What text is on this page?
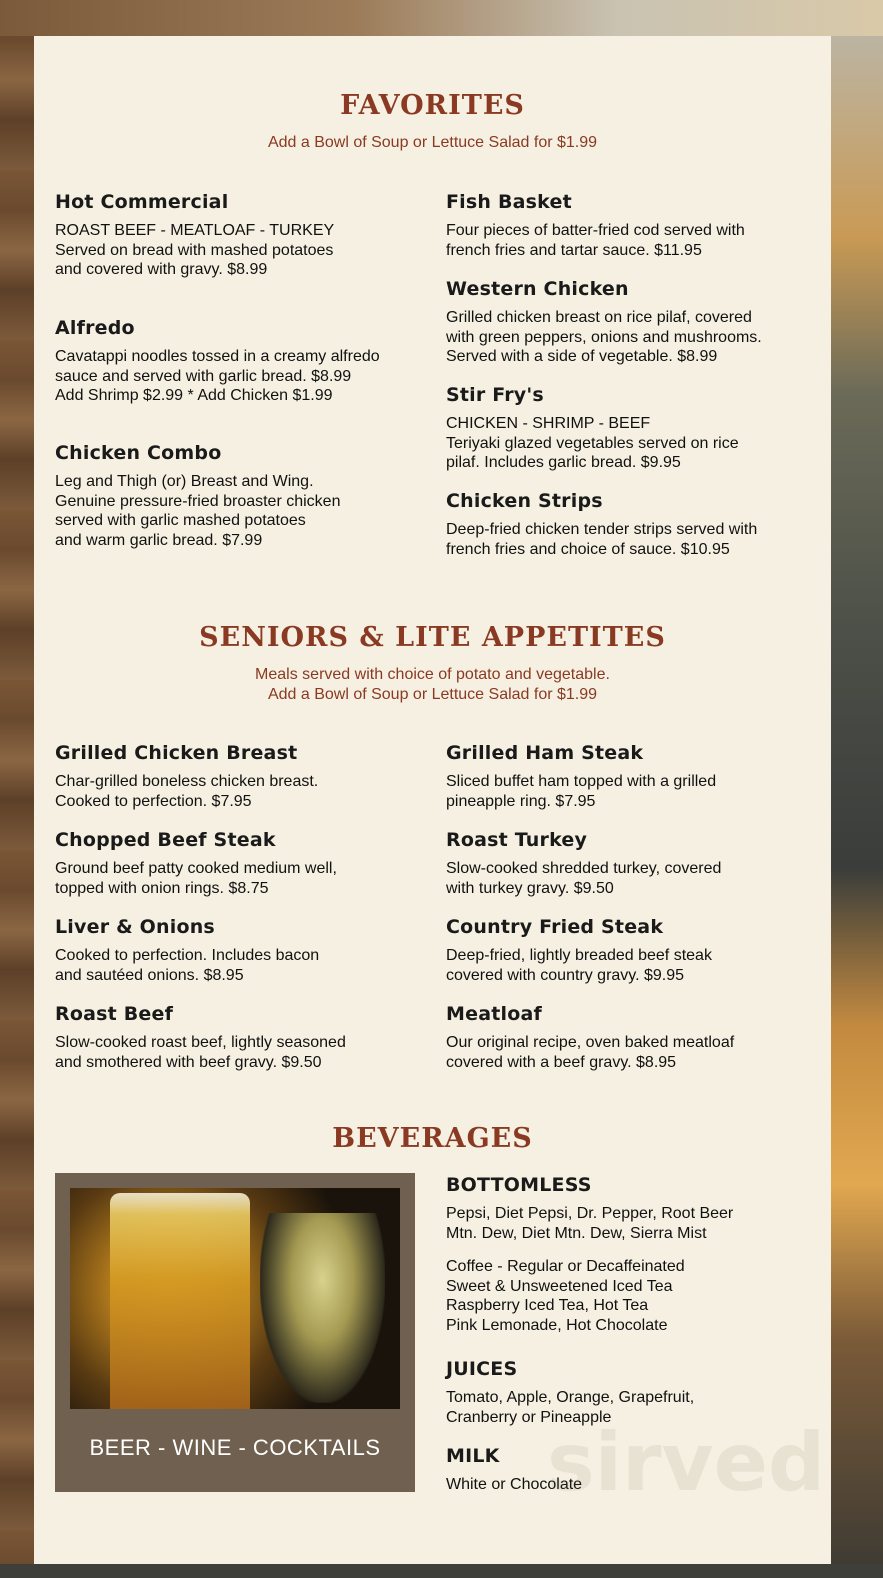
FAVORITES
Add a Bowl of Soup or Lettuce Salad for $1.99
Hot Commercial
ROAST BEEF - MEATLOAF - TURKEY
Served on bread with mashed potatoes
and covered with gravy. $8.99
Alfredo
Cavatappi noodles tossed in a creamy alfredo
sauce and served with garlic bread. $8.99
Add Shrimp $2.99 * Add Chicken $1.99
Chicken Combo
Leg and Thigh (or) Breast and Wing.
Genuine pressure-fried broaster chicken
served with garlic mashed potatoes
and warm garlic bread. $7.99
Fish Basket
Four pieces of batter-fried cod served with
french fries and tartar sauce. $11.95
Western Chicken
Grilled chicken breast on rice pilaf, covered
with green peppers, onions and mushrooms.
Served with a side of vegetable. $8.99
Stir Fry's
CHICKEN - SHRIMP - BEEF
Teriyaki glazed vegetables served on rice
pilaf. Includes garlic bread. $9.95
Chicken Strips
Deep-fried chicken tender strips served with
french fries and choice of sauce. $10.95
SENIORS & LITE APPETITES
Meals served with choice of potato and vegetable.
Add a Bowl of Soup or Lettuce Salad for $1.99
Grilled Chicken Breast
Char-grilled boneless chicken breast.
Cooked to perfection. $7.95
Chopped Beef Steak
Ground beef patty cooked medium well,
topped with onion rings. $8.75
Liver & Onions
Cooked to perfection. Includes bacon
and sautéed onions. $8.95
Roast Beef
Slow-cooked roast beef, lightly seasoned
and smothered with beef gravy. $9.50
Grilled Ham Steak
Sliced buffet ham topped with a grilled
pineapple ring. $7.95
Roast Turkey
Slow-cooked shredded turkey, covered
with turkey gravy. $9.50
Country Fried Steak
Deep-fried, lightly breaded beef steak
covered with country gravy. $9.95
Meatloaf
Our original recipe, oven baked meatloaf
covered with a beef gravy. $8.95
BEVERAGES
BEER - WINE - COCKTAILS
BOTTOMLESS
Pepsi, Diet Pepsi, Dr. Pepper, Root Beer
Mtn. Dew, Diet Mtn. Dew, Sierra Mist
Coffee - Regular or Decaffeinated
Sweet & Unsweetened Iced Tea
Raspberry Iced Tea, Hot Tea
Pink Lemonade, Hot Chocolate
JUICES
Tomato, Apple, Orange, Grapefruit,
Cranberry or Pineapple
MILK
White or Chocolate
sirved
